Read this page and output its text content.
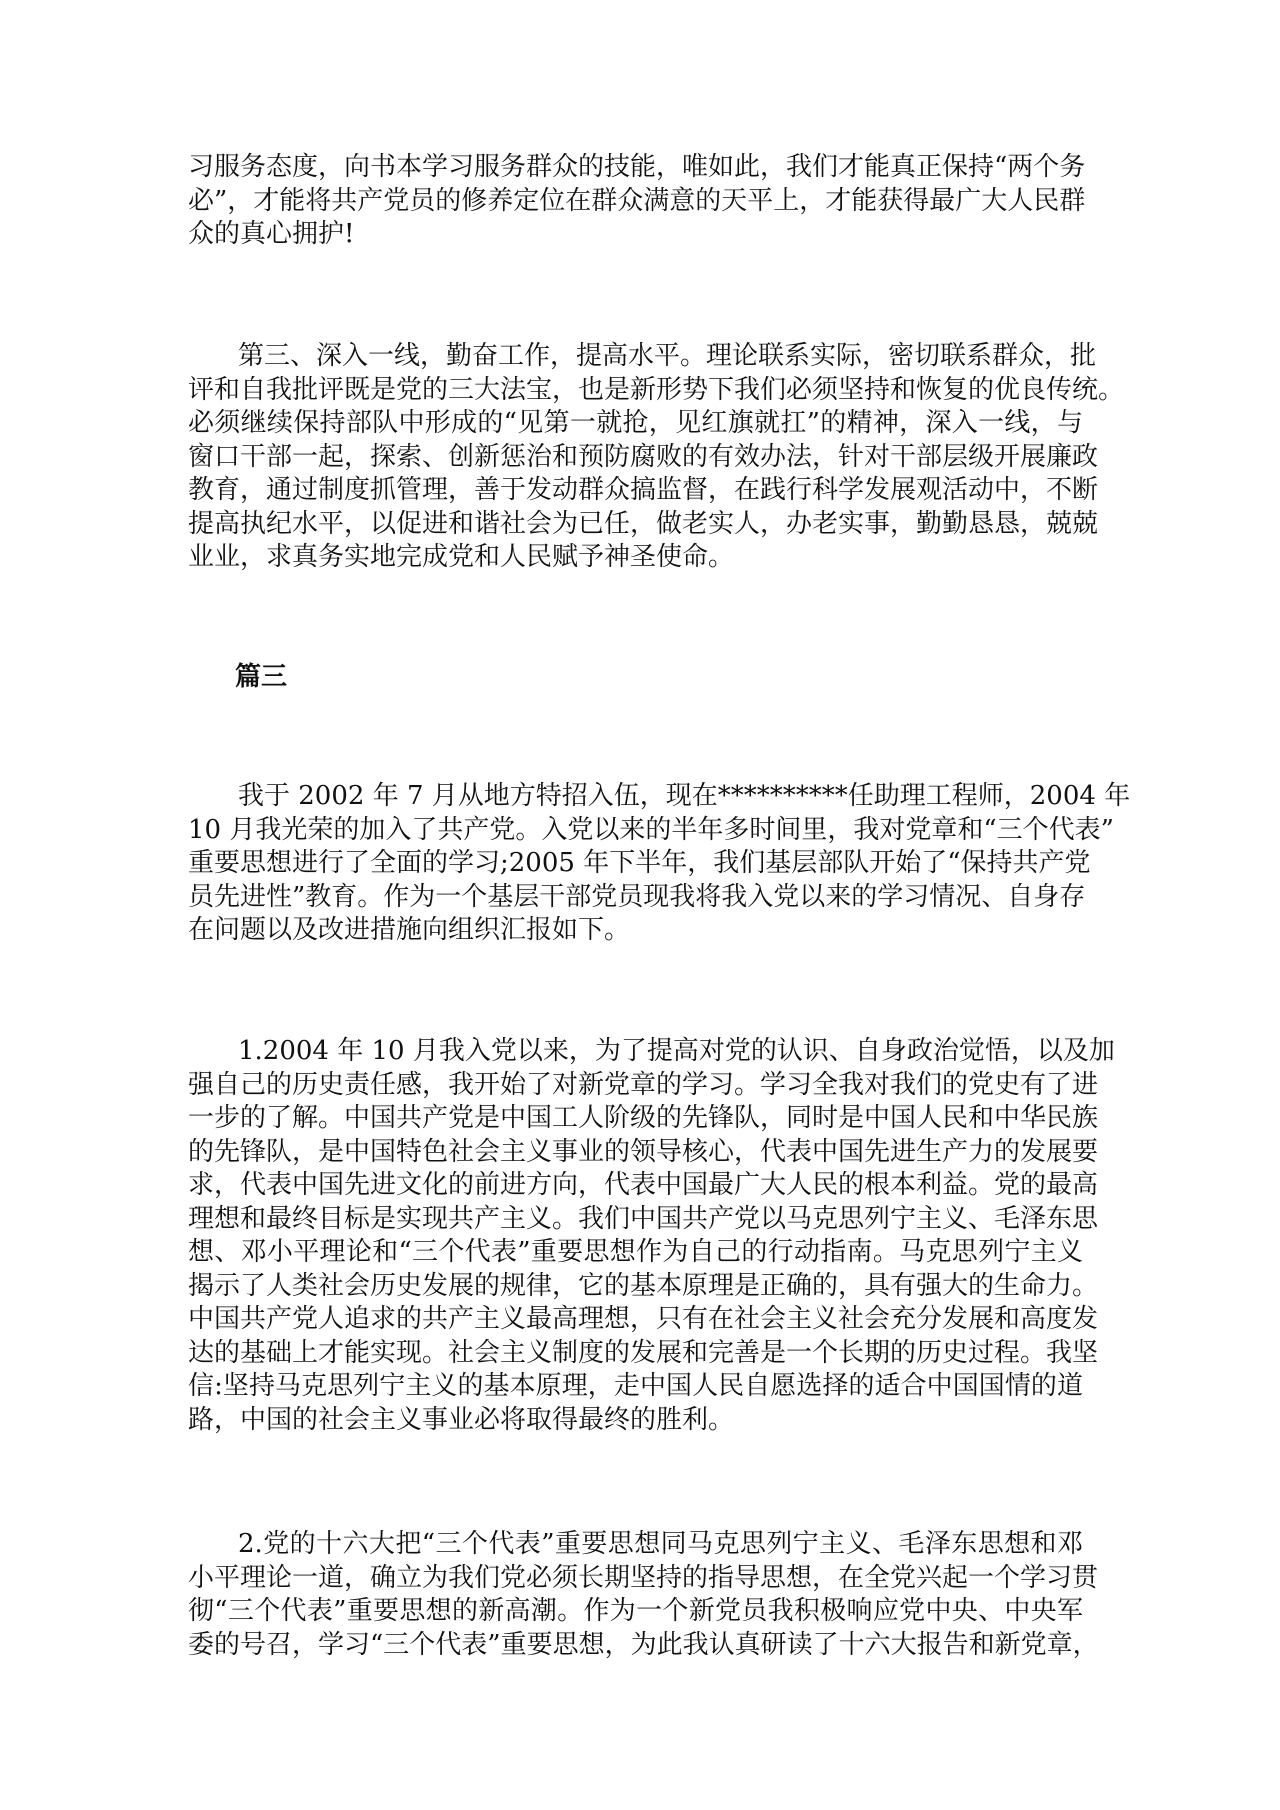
习服务态度，向书本学习服务群众的技能，唯如此，我们才能真正保持“两个务
必”，才能将共产党员的修养定位在群众满意的天平上，才能获得最广大人民群
众的真心拥护!
第三、深入一线，勤奋工作，提高水平。理论联系实际，密切联系群众，批
评和自我批评既是党的三大法宝，也是新形势下我们必须坚持和恢复的优良传统。
必须继续保持部队中形成的“见第一就抢，见红旗就扛”的精神，深入一线，与
窗口干部一起，探索、创新惩治和预防腐败的有效办法，针对干部层级开展廉政
教育，通过制度抓管理，善于发动群众搞监督，在践行科学发展观活动中，不断
提高执纪水平，以促进和谐社会为已任，做老实人，办老实事，勤勤恳恳，兢兢
业业，求真务实地完成党和人民赋予神圣使命。
篇三
我于 2002 年 7 月从地方特招入伍，现在**********任助理工程师，2004 年
10 月我光荣的加入了共产党。入党以来的半年多时间里，我对党章和“三个代表”
重要思想进行了全面的学习;2005 年下半年，我们基层部队开始了“保持共产党
员先进性”教育。作为一个基层干部党员现我将我入党以来的学习情况、自身存
在问题以及改进措施向组织汇报如下。
1.2004 年 10 月我入党以来，为了提高对党的认识、自身政治觉悟，以及加
强自己的历史责任感，我开始了对新党章的学习。学习全我对我们的党史有了进
一步的了解。中国共产党是中国工人阶级的先锋队，同时是中国人民和中华民族
的先锋队，是中国特色社会主义事业的领导核心，代表中国先进生产力的发展要
求，代表中国先进文化的前进方向，代表中国最广大人民的根本利益。党的最高
理想和最终目标是实现共产主义。我们中国共产党以马克思列宁主义、毛泽东思
想、邓小平理论和“三个代表”重要思想作为自己的行动指南。马克思列宁主义
揭示了人类社会历史发展的规律，它的基本原理是正确的，具有强大的生命力。
中国共产党人追求的共产主义最高理想，只有在社会主义社会充分发展和高度发
达的基础上才能实现。社会主义制度的发展和完善是一个长期的历史过程。我坚
信:坚持马克思列宁主义的基本原理，走中国人民自愿选择的适合中国国情的道
路，中国的社会主义事业必将取得最终的胜利。
2.党的十六大把“三个代表”重要思想同马克思列宁主义、毛泽东思想和邓
小平理论一道，确立为我们党必须长期坚持的指导思想，在全党兴起一个学习贯
彻“三个代表”重要思想的新高潮。作为一个新党员我积极响应党中央、中央军
委的号召，学习“三个代表”重要思想，为此我认真研读了十六大报告和新党章，
